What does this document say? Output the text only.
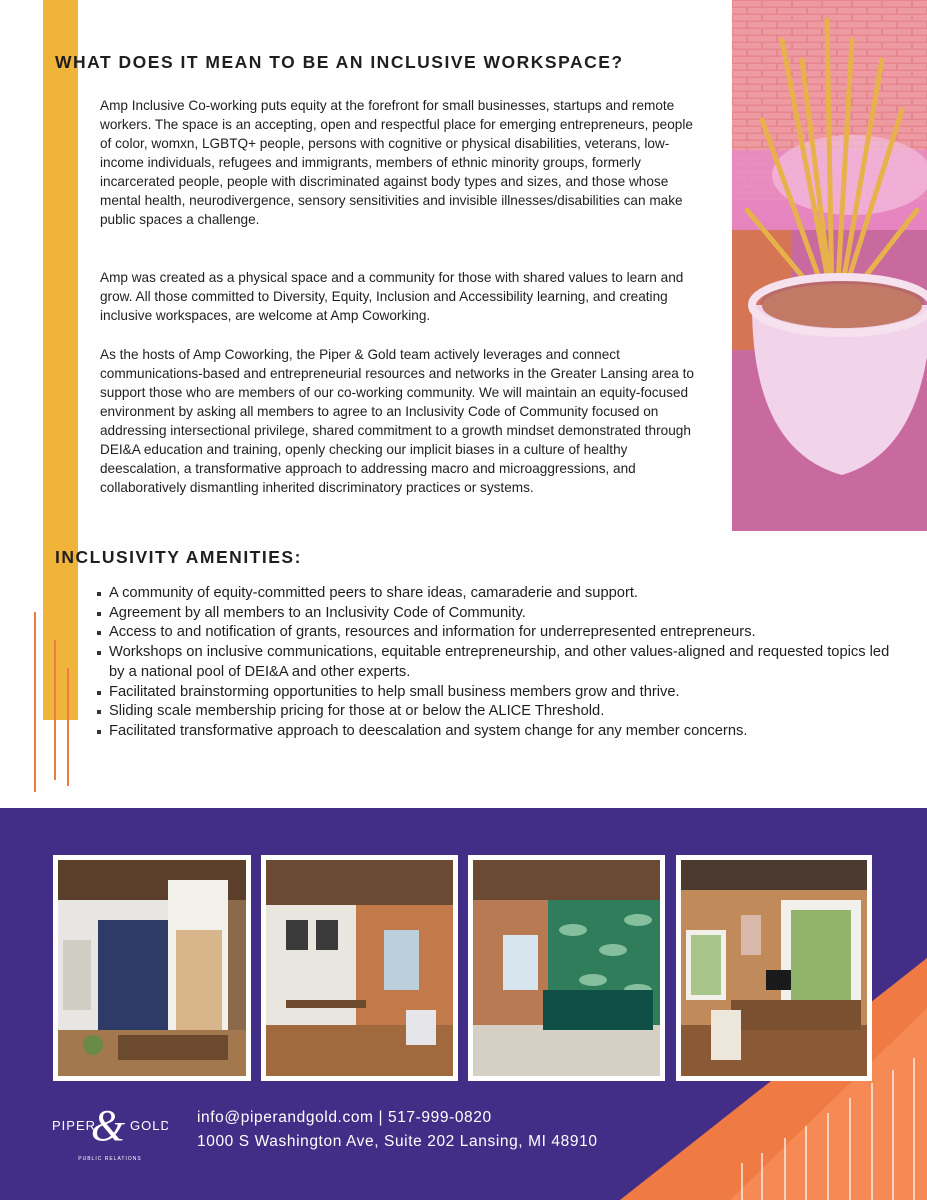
WHAT DOES IT MEAN TO BE AN INCLUSIVE WORKSPACE?

Amp Inclusive Co-working puts equity at the forefront for small businesses, startups and remote workers. The space is an accepting, open and respectful place for emerging entrepreneurs, people of color, womxn, LGBTQ+ people, persons with cognitive or physical disabilities, veterans, low-income individuals, refugees and immigrants, members of ethnic minority groups, formerly incarcerated people, people with discriminated against body types and sizes, and those whose mental health, neurodivergence, sensory sensitivities and invisible illnesses/disabilities can make public spaces a challenge.

Amp was created as a physical space and a community for those with shared values to learn and grow. All those committed to Diversity, Equity, Inclusion and Accessibility learning, and creating inclusive workspaces, are welcome at Amp Coworking.

As the hosts of Amp Coworking, the Piper & Gold team actively leverages and connect communications-based and entrepreneurial resources and networks in the Greater Lansing area to support those who are members of our co-working community. We will maintain an equity-focused environment by asking all members to agree to an Inclusivity Code of Community focused on addressing intersectional privilege, shared commitment to a growth mindset demonstrated through DEI&A education and training, openly checking our implicit biases in a culture of healthy deescalation, a transformative approach to addressing macro and microaggressions, and collaboratively dismantling inherited discriminatory practices or systems.

INCLUSIVITY AMENITIES:
A community of equity-committed peers to share ideas, camaraderie and support.
Agreement by all members to an Inclusivity Code of Community.
Access to and notification of grants, resources and information for underrepresented entrepreneurs.
Workshops on inclusive communications, equitable entrepreneurship, and other values-aligned and requested topics led by a national pool of DEI&A and other experts.
Facilitated brainstorming opportunities to help small business members grow and thrive.
Sliding scale membership pricing for those at or below the ALICE Threshold.
Facilitated transformative approach to deescalation and system change for any member concerns.
PIPER
& GOLD
PUBLIC RELATIONS
info@piperandgold.com | 517-999-0820
1000 S Washington Ave, Suite 202 Lansing, MI 48910
